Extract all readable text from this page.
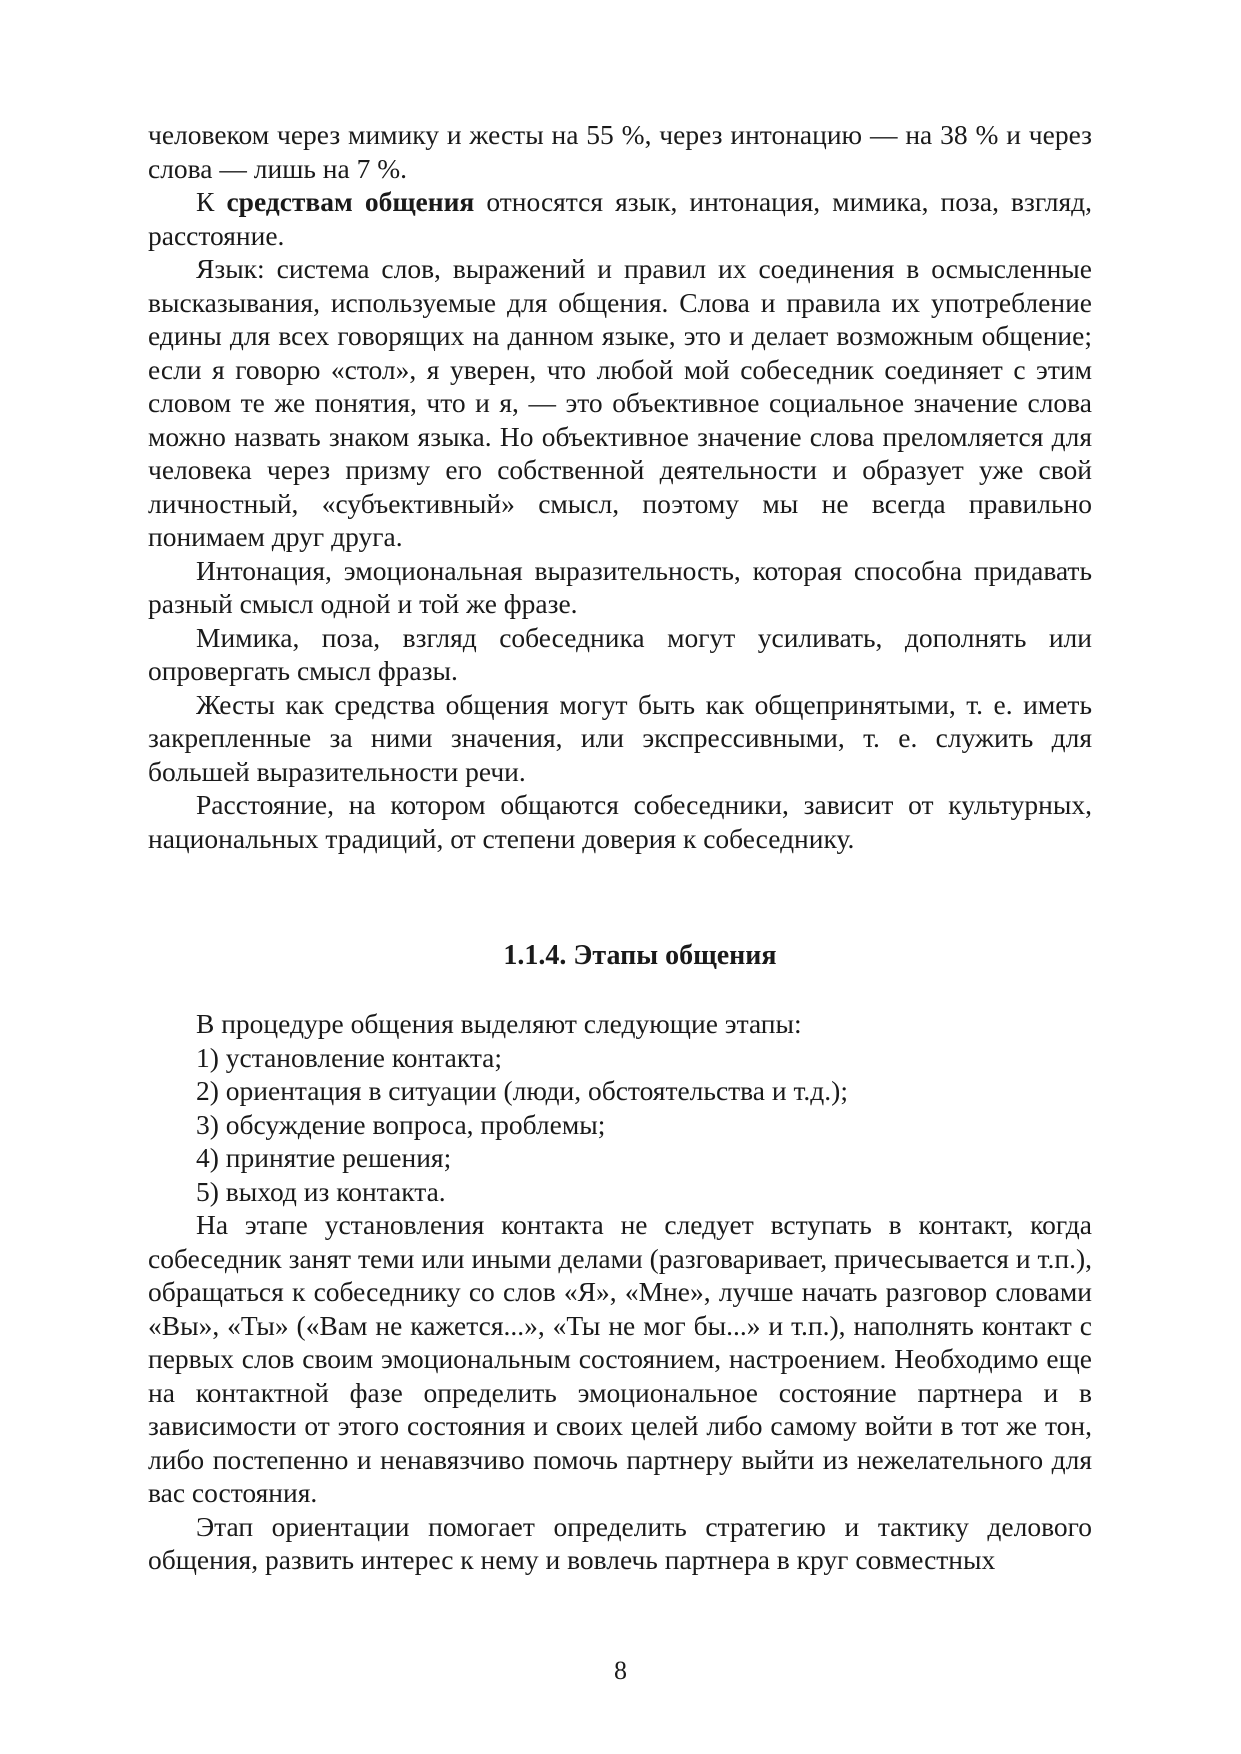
человеком через мимику и жесты на 55 %, через интонацию — на 38 % и через слова — лишь на 7 %.

К средствам общения относятся язык, интонация, мимика, поза, взгляд, расстояние.

Язык: система слов, выражений и правил их соединения в осмысленные высказывания, используемые для общения. Слова и правила их употребление едины для всех говорящих на данном языке, это и делает возможным общение; если я говорю «стол», я уверен, что любой мой собеседник соединяет с этим словом те же понятия, что и я, — это объективное социальное значение слова можно назвать знаком языка. Но объективное значение слова преломляется для человека через призму его собственной деятельности и образует уже свой личностный, «субъективный» смысл, поэтому мы не всегда правильно понимаем друг друга.

Интонация, эмоциональная выразительность, которая способна придавать разный смысл одной и той же фразе.

Мимика, поза, взгляд собеседника могут усиливать, дополнять или опровергать смысл фразы.

Жесты как средства общения могут быть как общепринятыми, т. е. иметь закрепленные за ними значения, или экспрессивными, т. е. служить для большей выразительности речи.

Расстояние, на котором общаются собеседники, зависит от культурных, национальных традиций, от степени доверия к собеседнику.

1.1.4. Этапы общения

В процедуре общения выделяют следующие этапы:

1) установление контакта;

2) ориентация в ситуации (люди, обстоятельства и т.д.);

3) обсуждение вопроса, проблемы;

4) принятие решения;

5) выход из контакта.

На этапе установления контакта не следует вступать в контакт, когда собеседник занят теми или иными делами (разговаривает, причесывается и т.п.), обращаться к собеседнику со слов «Я», «Мне», лучше начать разговор словами «Вы», «Ты» («Вам не кажется...», «Ты не мог бы...» и т.п.), наполнять контакт с первых слов своим эмоциональным состоянием, настроением. Необходимо еще на контактной фазе определить эмоциональное состояние партнера и в зависимости от этого состояния и своих целей либо самому войти в тот же тон, либо постепенно и ненавязчиво помочь партнеру выйти из нежелательного для вас состояния.

Этап ориентации помогает определить стратегию и тактику делового общения, развить интерес к нему и вовлечь партнера в круг совместных

8
